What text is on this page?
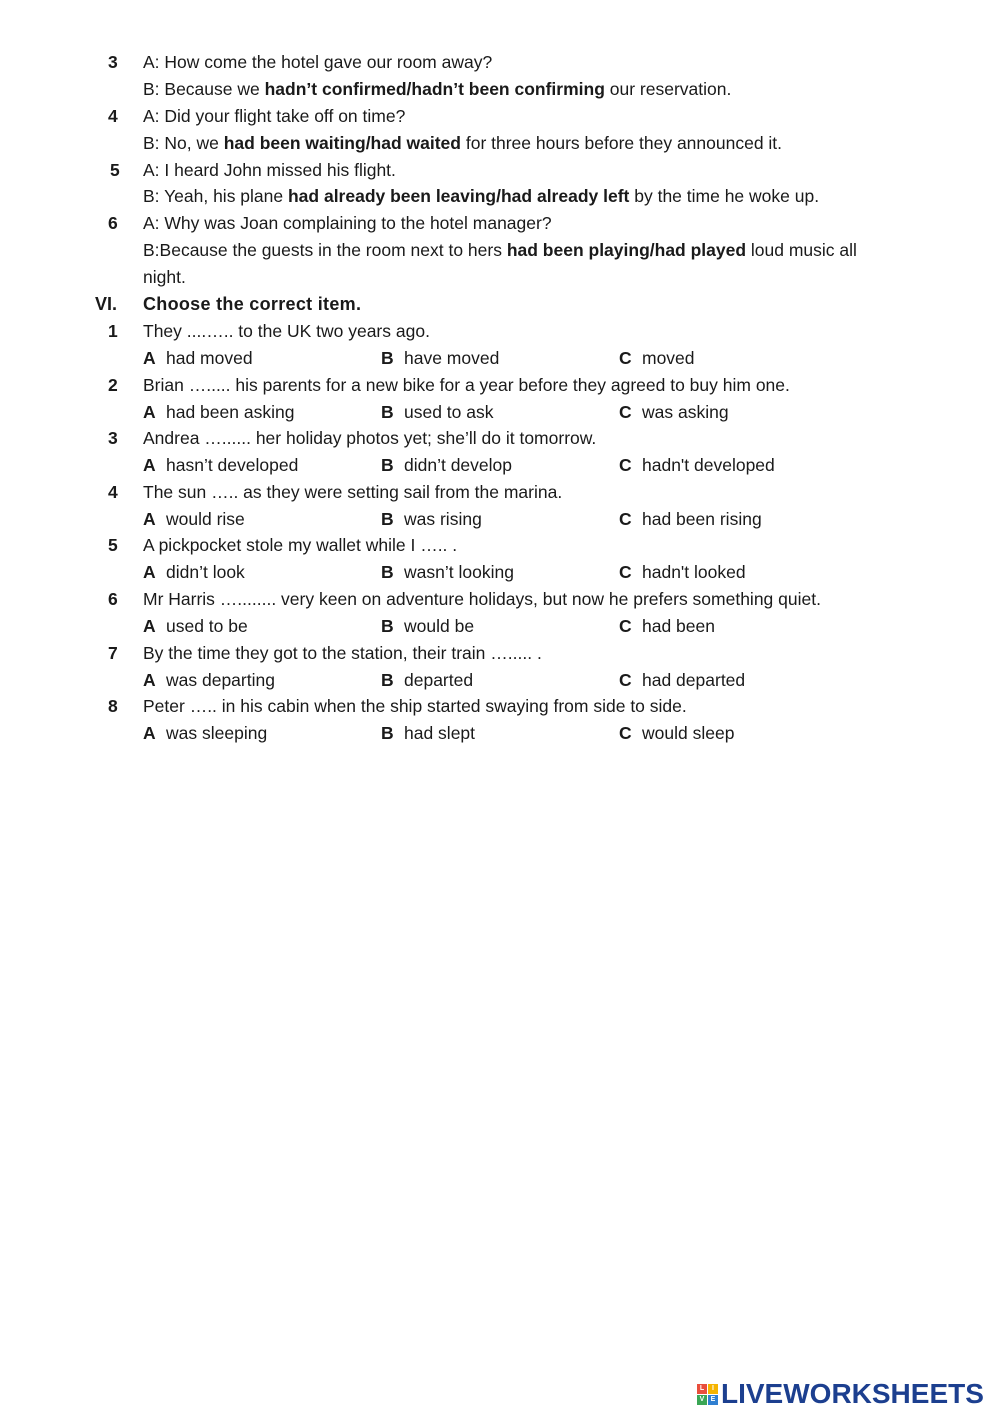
3 A: How come the hotel gave our room away?
B: Because we hadn’t confirmed/hadn’t been confirming our reservation.
4 A: Did your flight take off on time?
B: No, we had been waiting/had waited for three hours before they announced it.
5 A: I heard John missed his flight.
B: Yeah, his plane had already been leaving/had already left by the time he woke up.
6 A: Why was Joan complaining to the hotel manager?
B:Because the guests in the room next to hers had been playing/had played loud music all
night.
VI. Choose the correct item.
1 They ....….. to the UK two years ago.
A had moved	B have moved	C moved
2 Brian …..... his parents for a new bike for a year before they agreed to buy him one.
A had been asking	B used to ask	C was asking
3 Andrea …...... her holiday photos yet; she’ll do it tomorrow.
A hasn’t developed	B didn’t develop	C hadn't developed
4 The sun ….. as they were setting sail from the marina.
A would rise	B was rising	C had been rising
5 A pickpocket stole my wallet while I ….. .
A didn’t look	B wasn’t looking	C hadn't looked
6 Mr Harris …........ very keen on adventure holidays, but now he prefers something quiet.
A used to be	B would be	C had been
7 By the time they got to the station, their train …..... .
A was departing	B departed	C had departed
8 Peter ….. in his cabin when the ship started swaying from side to side.
A was sleeping	B had slept	C would sleep
L	I
V E LIVEWORKSHEETS
